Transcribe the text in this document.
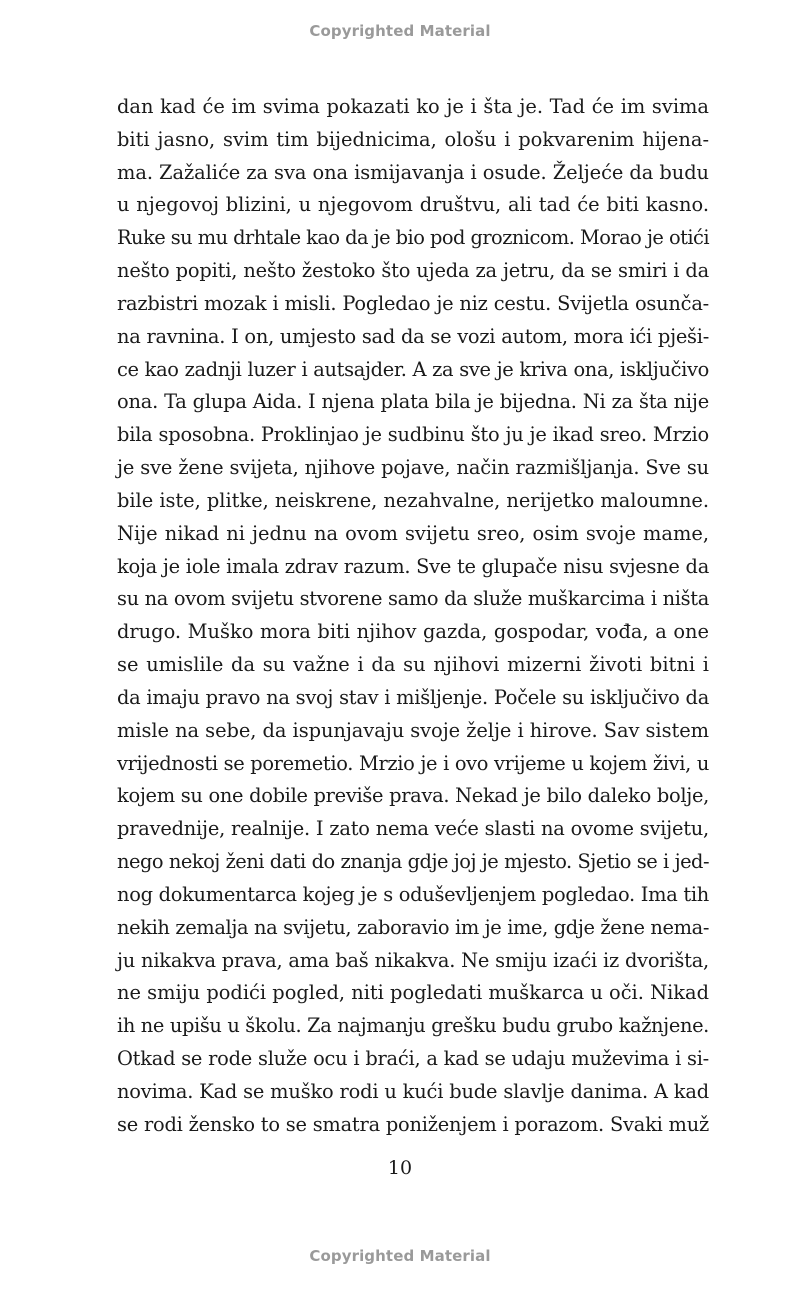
Copyrighted Material
dan kad će im svima pokazati ko je i šta je. Tad će im svima
biti jasno, svim tim bijednicima, ološu i pokvarenim hijena-
ma. Zažaliće za sva ona ismijavanja i osude. Željeće da budu
u njegovoj blizini, u njegovom društvu, ali tad će biti kasno.
Ruke su mu drhtale kao da je bio pod groznicom. Morao je otići
nešto popiti, nešto žestoko što ujeda za jetru, da se smiri i da
razbistri mozak i misli. Pogledao je niz cestu. Svijetla osunča-
na ravnina. I on, umjesto sad da se vozi autom, mora ići pješi-
ce kao zadnji luzer i autsajder. A za sve je kriva ona, isključivo
ona. Ta glupa Aida. I njena plata bila je bijedna. Ni za šta nije
bila sposobna. Proklinjao je sudbinu što ju je ikad sreo. Mrzio
je sve žene svijeta, njihove pojave, način razmišljanja. Sve su
bile iste, plitke, neiskrene, nezahvalne, nerijetko maloumne.
Nije nikad ni jednu na ovom svijetu sreo, osim svoje mame,
koja je iole imala zdrav razum. Sve te glupače nisu svjesne da
su na ovom svijetu stvorene samo da služe muškarcima i ništa
drugo. Muško mora biti njihov gazda, gospodar, vođa, a one
se umislile da su važne i da su njihovi mizerni životi bitni i
da imaju pravo na svoj stav i mišljenje. Počele su isključivo da
misle na sebe, da ispunjavaju svoje želje i hirove. Sav sistem
vrijednosti se poremetio. Mrzio je i ovo vrijeme u kojem živi, u
kojem su one dobile previše prava. Nekad je bilo daleko bolje,
pravednije, realnije. I zato nema veće slasti na ovome svijetu,
nego nekoj ženi dati do znanja gdje joj je mjesto. Sjetio se i jed-
nog dokumentarca kojeg je s oduševljenjem pogledao. Ima tih
nekih zemalja na svijetu, zaboravio im je ime, gdje žene nema-
ju nikakva prava, ama baš nikakva. Ne smiju izaći iz dvorišta,
ne smiju podići pogled, niti pogledati muškarca u oči. Nikad
ih ne upišu u školu. Za najmanju grešku budu grubo kažnjene.
Otkad se rode služe ocu i braći, a kad se udaju muževima i si-
novima. Kad se muško rodi u kući bude slavlje danima. A kad
se rodi žensko to se smatra poniženjem i porazom. Svaki muž
10
Copyrighted Material
